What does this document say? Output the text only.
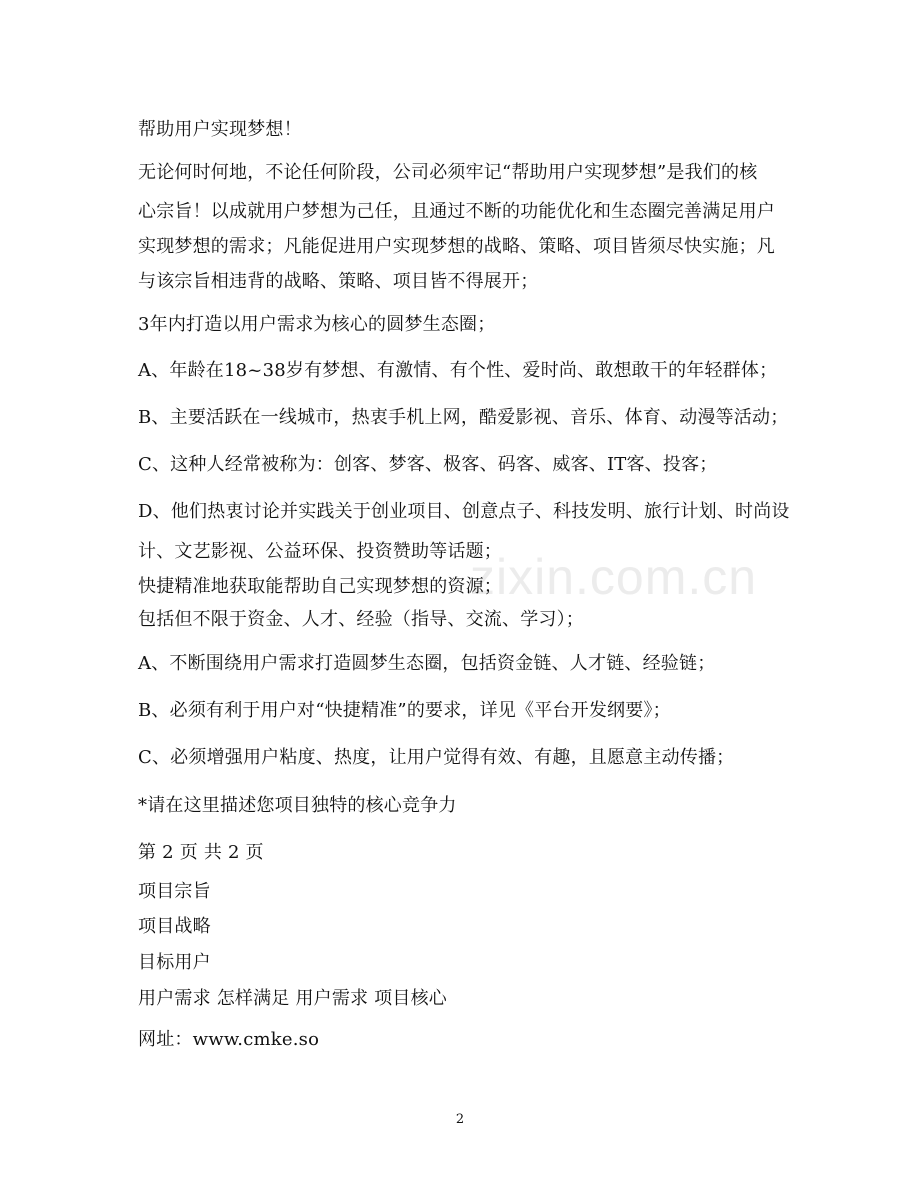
zixin.com.cn
帮助用户实现梦想！
无论何时何地，不论任何阶段，公司必须牢记“帮助用户实现梦想”是我们的核
心宗旨！以成就用户梦想为己任，且通过不断的功能优化和生态圈完善满足用户
实现梦想的需求；凡能促进用户实现梦想的战略、策略、项目皆须尽快实施；凡
与该宗旨相违背的战略、策略、项目皆不得展开；
3年内打造以用户需求为核心的圆梦生态圈；
A、年龄在18~38岁有梦想、有激情、有个性、爱时尚、敢想敢干的年轻群体；
B、主要活跃在一线城市，热衷手机上网，酷爱影视、音乐、体育、动漫等活动；
C、这种人经常被称为：创客、梦客、极客、码客、威客、IT客、投客；
D、他们热衷讨论并实践关于创业项目、创意点子、科技发明、旅行计划、时尚设
计、文艺影视、公益环保、投资赞助等话题；
快捷精准地获取能帮助自己实现梦想的资源；
包括但不限于资金、人才、经验（指导、交流、学习）；
A、不断围绕用户需求打造圆梦生态圈，包括资金链、人才链、经验链；
B、必须有利于用户对“快捷精准”的要求，详见《平台开发纲要》；
C、必须增强用户粘度、热度，让用户觉得有效、有趣，且愿意主动传播；
*请在这里描述您项目独特的核心竞争力
第 2 页 共 2 页
项目宗旨
项目战略
目标用户
用户需求 怎样满足 用户需求 项目核心
网址：www.cmke.so
2
